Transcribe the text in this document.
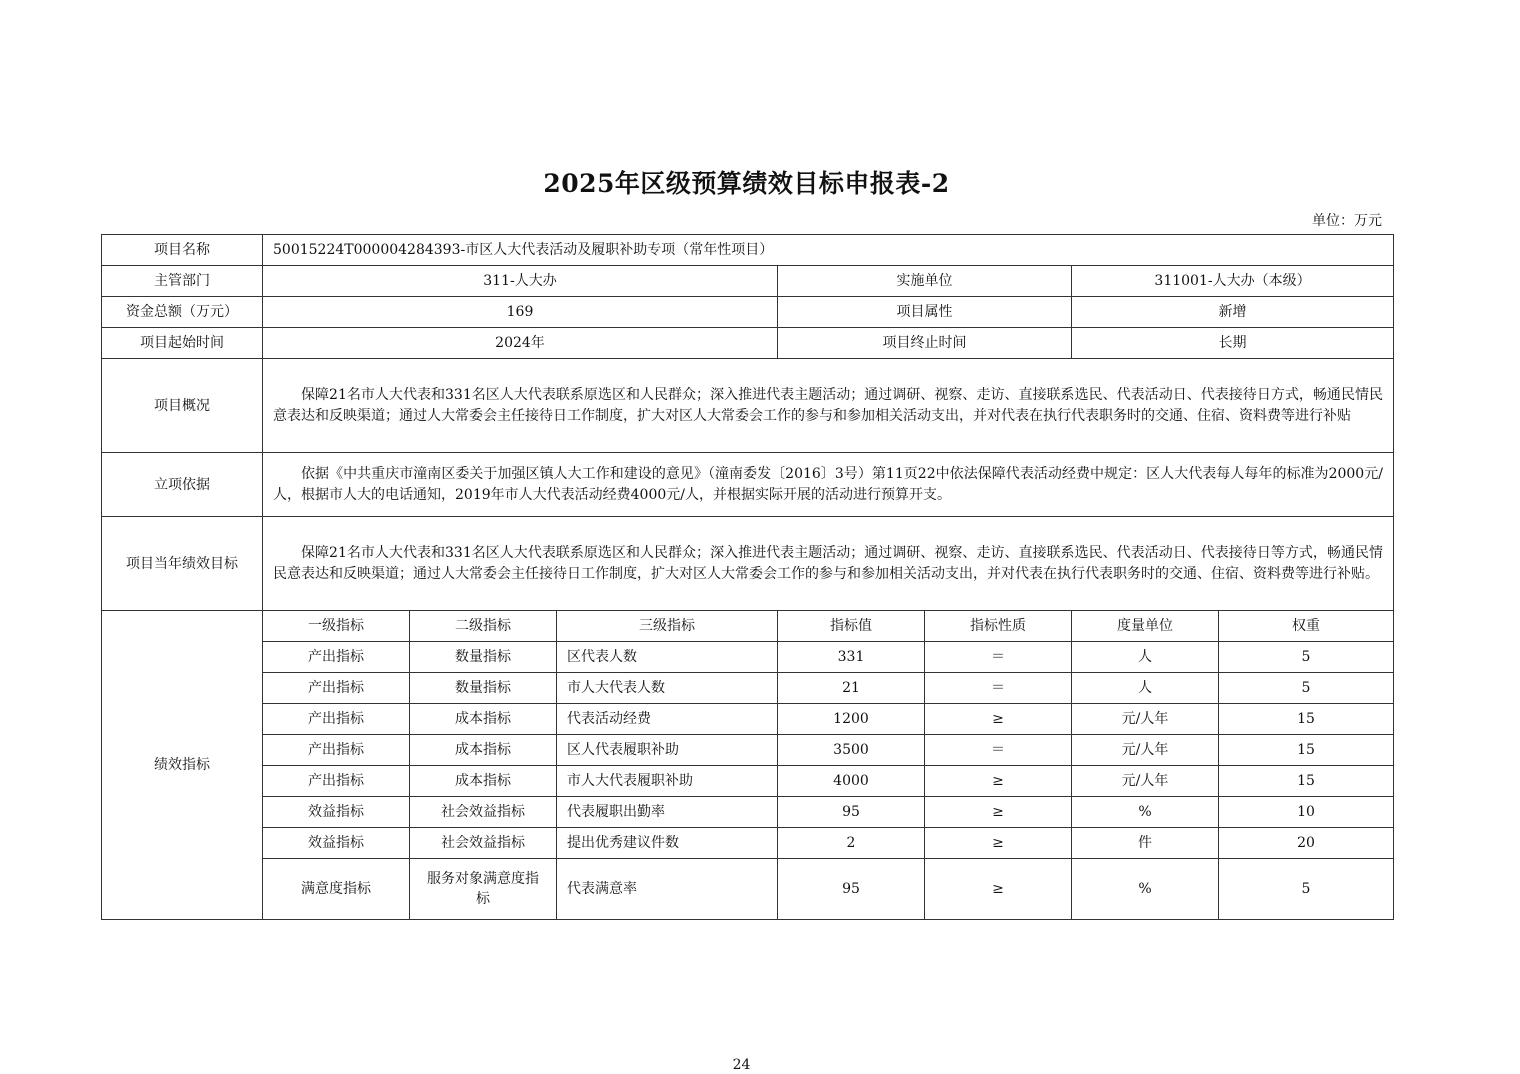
2025年区级预算绩效目标申报表-2
单位：万元
项目名称	50015224T000004284393-市区人大代表活动及履职补助专项（常年性项目）						
主管部门	311-人大办			实施单位		311001-人大办（本级）	
资金总额（万元）	169			项目属性		新增	
项目起始时间	2024年			项目终止时间		长期	
项目概况	保障21名市人大代表和331名区人大代表联系原选区和人民群众；深入推进代表主题活动；通过调研、视察、走访、直接联系选民、代表活动日、代表接待日方式，畅通民情民意表达和反映渠道；通过人大常委会主任接待日工作制度，扩大对区人大常委会工作的参与和参加相关活动支出，并对代表在执行代表职务时的交通、住宿、资料费等进行补贴						
立项依据	依据《中共重庆市潼南区委关于加强区镇人大工作和建设的意见》（潼南委发〔2016〕3号）第11页22中依法保障代表活动经费中规定：区人大代表每人每年的标准为2000元/人，根据市人大的电话通知，2019年市人大代表活动经费4000元/人，并根据实际开展的活动进行预算开支。						
项目当年绩效目标	保障21名市人大代表和331名区人大代表联系原选区和人民群众；深入推进代表主题活动；通过调研、视察、走访、直接联系选民、代表活动日、代表接待日等方式，畅通民情民意表达和反映渠道；通过人大常委会主任接待日工作制度，扩大对区人大常委会工作的参与和参加相关活动支出，并对代表在执行代表职务时的交通、住宿、资料费等进行补贴。						
绩效指标	一级指标	二级指标	三级指标	指标值	指标性质	度量单位	权重
	产出指标	数量指标	区代表人数	331	＝	人	5
	产出指标	数量指标	市人大代表人数	21	＝	人	5
	产出指标	成本指标	代表活动经费	1200	≥	元/人年	15
	产出指标	成本指标	区人代表履职补助	3500	＝	元/人年	15
	产出指标	成本指标	市人大代表履职补助	4000	≥	元/人年	15
	效益指标	社会效益指标	代表履职出勤率	95	≥	%	10
	效益指标	社会效益指标	提出优秀建议件数	2	≥	件	20
	满意度指标	服务对象满意度指标	代表满意率	95	≥	%	5
24
